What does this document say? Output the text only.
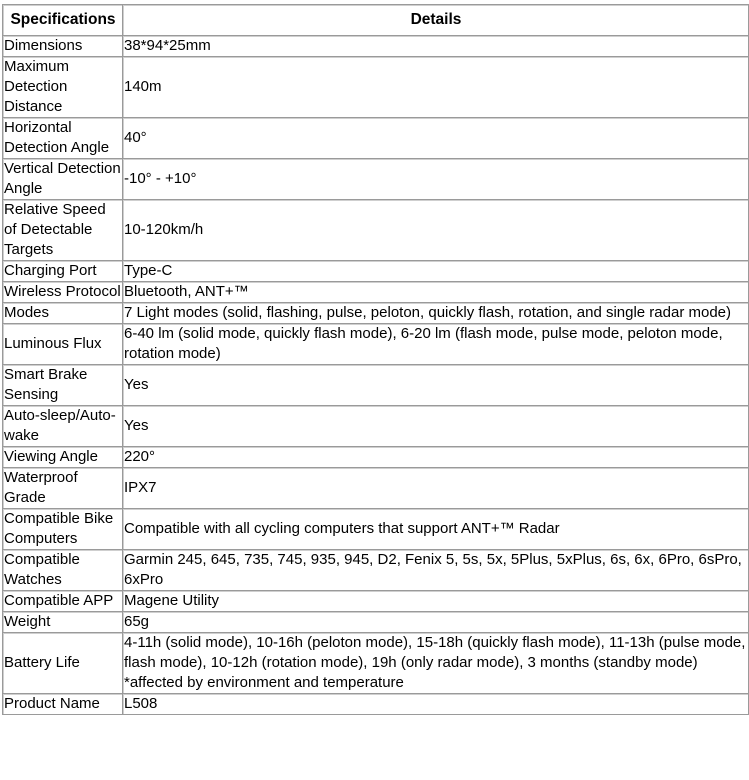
Specifications	Details
Dimensions	38*94*25mm
Maximum Detection Distance	140m
Horizontal Detection Angle	40°
Vertical Detection Angle	-10° - +10°
Relative Speed of Detectable Targets	10-120km/h
Charging Port	Type-C
Wireless Protocol	Bluetooth, ANT+™
Modes	7 Light modes (solid, flashing, pulse, peloton, quickly flash, rotation, and single radar mode)
Luminous Flux	6-40 lm (solid mode, quickly flash mode), 6-20 lm (flash mode, pulse mode, peloton mode, rotation mode)
Smart Brake Sensing	Yes
Auto-sleep/Auto-wake	Yes
Viewing Angle	220°
Waterproof Grade	IPX7
Compatible Bike Computers	Compatible with all cycling computers that support ANT+™ Radar
Compatible Watches	Garmin 245, 645, 735, 745, 935, 945, D2, Fenix 5, 5s, 5x, 5Plus, 5xPlus, 6s, 6x, 6Pro, 6sPro, 6xPro
Compatible APP	Magene Utility
Weight	65g
Battery Life	4-11h (solid mode), 10-16h (peloton mode), 15-18h (quickly flash mode), 11-13h (pulse mode, flash mode), 10-12h (rotation mode), 19h (only radar mode), 3 months (standby mode) *affected by environment and temperature
Product Name	L508
